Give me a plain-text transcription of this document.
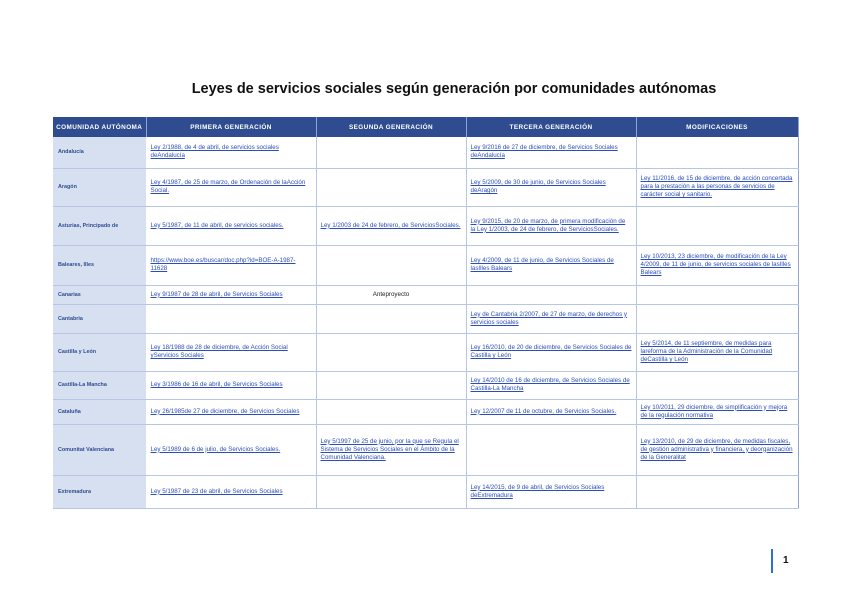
Leyes de servicios sociales según generación por comunidades autónomas
COMUNIDAD AUTÓNOMA	PRIMERA GENERACIÓN	SEGUNDA GENERACIÓN	TERCERA GENERACIÓN	MODIFICACIONES
Andalucía	Ley 2/1988, de 4 de abril, de servicios sociales deAndalucía		Ley 9/2016 de 27 de diciembre, de Servicios Sociales deAndalucía	
Aragón	Ley 4/1987, de 25 de marzo, de Ordenación de laAcción Social.		Ley 5/2009, de 30 de junio, de Servicios Sociales deAragón	Ley 11/2016, de 15 de diciembre, de acción concertada para la prestación a las personas de servicios de carácter social y sanitario.
Asturias, Principado de	Ley 5/1987, de 11 de abril, de servicios sociales.	Ley 1/2003 de 24 de febrero, de ServiciosSociales.	Ley 9/2015, de 20 de marzo, de primera modificación de la Ley 1/2003, de 24 de febrero, de ServiciosSociales.	
Baleares, Illes	https://www.boe.es/buscar/doc.php?id=BOE-A-1987-11628		Ley 4/2009, de 11 de junio, de Servicios Sociales de lasIlles Balears	Ley 10/2013, 23 diciembre, de modificación de la Ley 4/2009, de 11 de junio, de servicios sociales de lasIlles Balears
Canarias	Ley 9/1987 de 28 de abril, de Servicios Sociales	Anteproyecto		
Cantabria			Ley de Cantabria 2/2007, de 27 de marzo, de derechos y servicios sociales	
Castilla y León	Ley 18/1988 de 28 de diciembre, de Acción Social yServicios Sociales		Ley 16/2010, de 20 de diciembre, de Servicios Sociales de Castilla y León	Ley 5/2014, de 11 septiembre, de medidas para lareforma de la Administración de la Comunidad deCastilla y León
Castilla-La Mancha	Ley 3/1986 de 16 de abril, de Servicios Sociales		Ley 14/2010 de 16 de diciembre, de Servicios Sociales de Castilla-La Mancha	
Cataluña	Ley 26/1985de 27 de diciembre, de Servicios Sociales		Ley 12/2007 de 11 de octubre, de Servicios Sociales.	Ley 10/2011, 29 diciembre, de simplificación y mejora de la regulación normativa
Comunitat Valenciana	Ley 5/1989 de 6 de julio, de Servicios Sociales.	Ley 5/1997 de 25 de junio, por la que se Regula el Sistema de Servicios Sociales en el Ámbito de la Comunidad Valenciana.		Ley 13/2010, de 29 de diciembre, de medidas fiscales, de gestión administrativa y financiera, y deorganización de la Generalitat
Extremadura	Ley 5/1987 de 23 de abril, de Servicios Sociales		Ley 14/2015, de 9 de abril, de Servicios Sociales deExtremadura	
1
